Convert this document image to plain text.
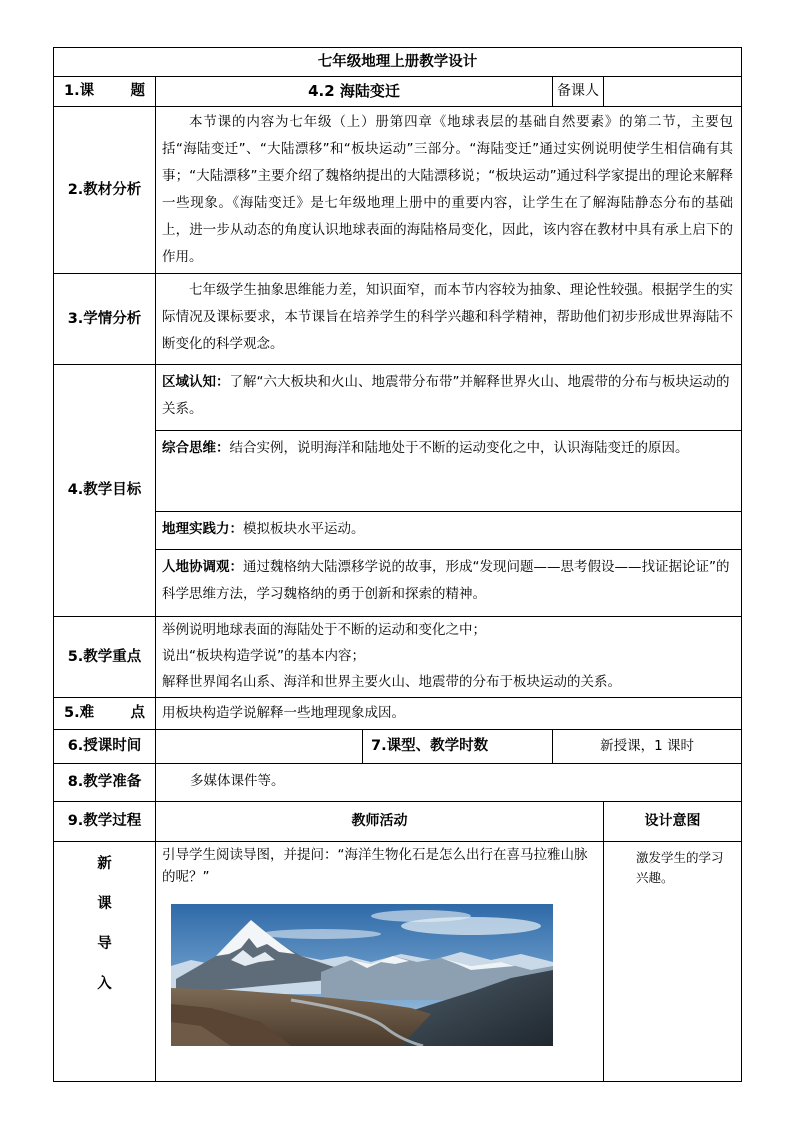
七年级地理上册教学设计				

1.课 题	4.2 海陆变迁		备课人	
2.教材分析	本节课的内容为七年级（上）册第四章《地球表层的基础自然要素》的第二节，主要包括“海陆变迁”、“大陆漂移”和“板块运动”三部分。“海陆变迁”通过实例说明使学生相信确有其事；“大陆漂移”主要介绍了魏格纳提出的大陆漂移说；“板块运动”通过科学家提出的理论来解释一些现象。《海陆变迁》是七年级地理上册中的重要内容，让学生在了解海陆静态分布的基础上，进一步从动态的角度认识地球表面的海陆格局变化，因此，该内容在教材中具有承上启下的作用。			
3.学情分析	七年级学生抽象思维能力差，知识面窄，而本节内容较为抽象、理论性较强。根据学生的实际情况及课标要求，本节课旨在培养学生的科学兴趣和科学精神，帮助他们初步形成世界海陆不断变化的科学观念。			
4.教学目标	区域认知：了解“六大板块和火山、地震带分布带”并解释世界火山、地震带的分布与板块运动的关系。
综合思维：结合实例，说明海洋和陆地处于不断的运动变化之中，认识海陆变迁的原因。
地理实践力：模拟板块水平运动。
人地协调观：通过魏格纳大陆漂移学说的故事，形成“发现问题——思考假设——找证据论证”的科学思维方法，学习魏格纳的勇于创新和探索的精神。			

5.教学重点	举例说明地球表面的海陆处于不断的运动和变化之中；
说出“板块构造学说”的基本内容；
解释世界闻名山系、海洋和世界主要火山、地震带的分布于板块运动的关系。			

5.难 点	用板块构造学说解释一些地理现象成因。			
6.授课时间		7.课型、教学时数	新授课，1 课时	
8.教学准备	多媒体课件等。			
9.教学过程	教师活动			设计意图

新
课
导
入	引导学生阅读导图，并提问：“海洋生物化石是怎么出行在喜马拉雅山脉的呢？”			激发学生的学习兴趣。
